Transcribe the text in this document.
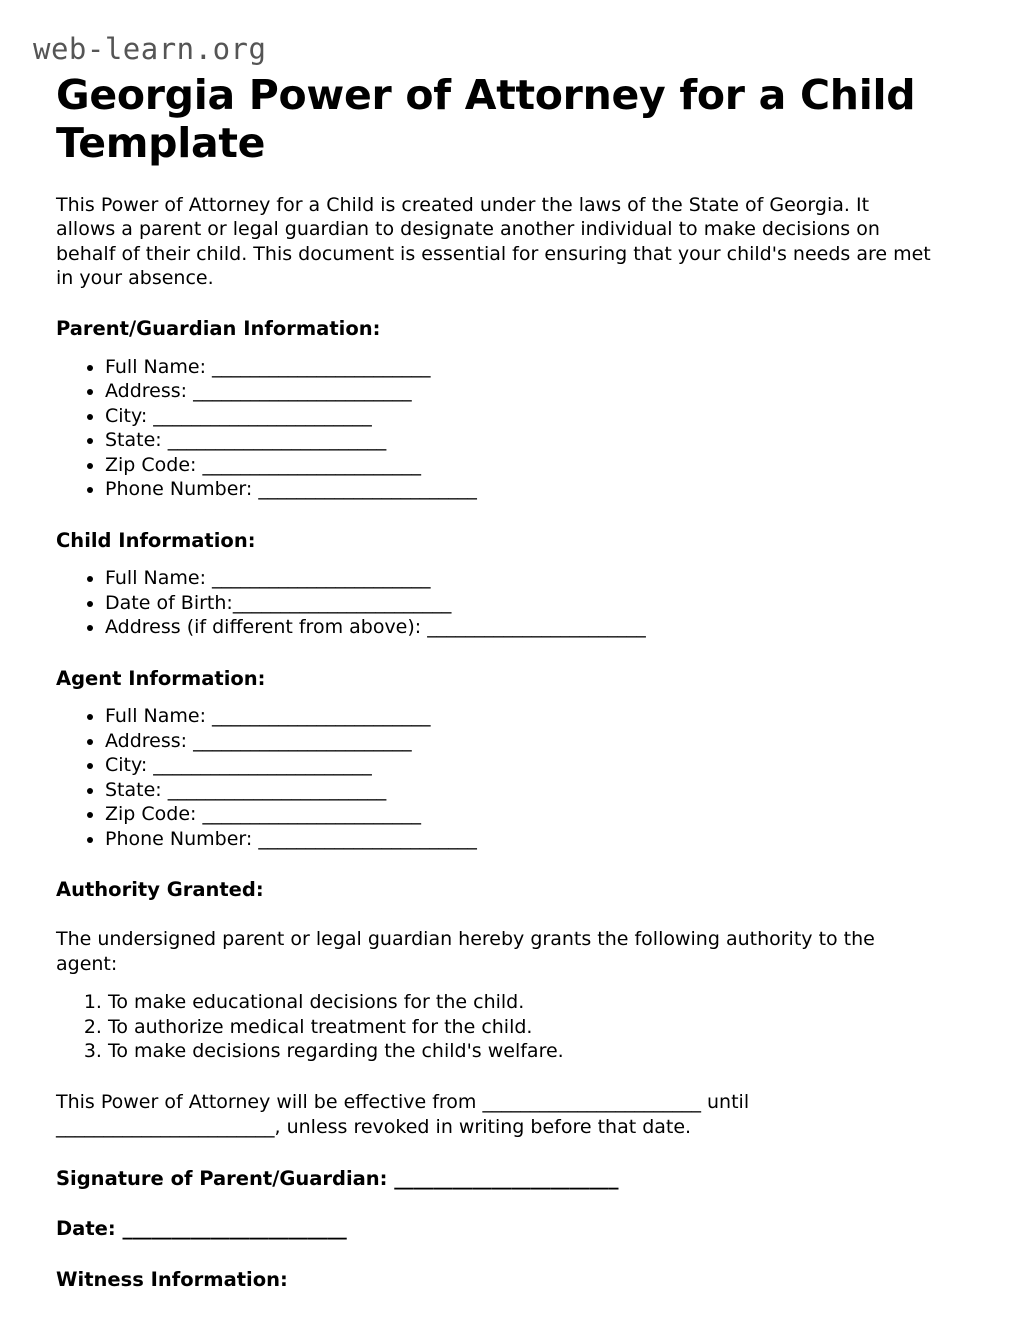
web-learn.org
Georgia Power of Attorney for a Child Template

This Power of Attorney for a Child is created under the laws of the State of Georgia. It allows a parent or legal guardian to designate another individual to make decisions on behalf of their child. This document is essential for ensuring that your child's needs are met in your absence.

Parent/Guardian Information:
• Full Name: _______________________
• Address: _______________________
• City: _______________________
• State: _______________________
• Zip Code: _______________________
• Phone Number: _______________________
Child Information:
• Full Name: _______________________
• Date of Birth:_______________________
• Address (if different from above): _______________________
Agent Information:
• Full Name: _______________________
• Address: _______________________
• City: _______________________
• State: _______________________
• Zip Code: _______________________
• Phone Number: _______________________
Authority Granted:

The undersigned parent or legal guardian hereby grants the following authority to the agent:

1. To make educational decisions for the child.
2. To authorize medical treatment for the child.
3. To make decisions regarding the child's welfare.

This Power of Attorney will be effective from _______________________ until _______________________, unless revoked in writing before that date.

Signature of Parent/Guardian: _______________________

Date: _______________________

Witness Information:
